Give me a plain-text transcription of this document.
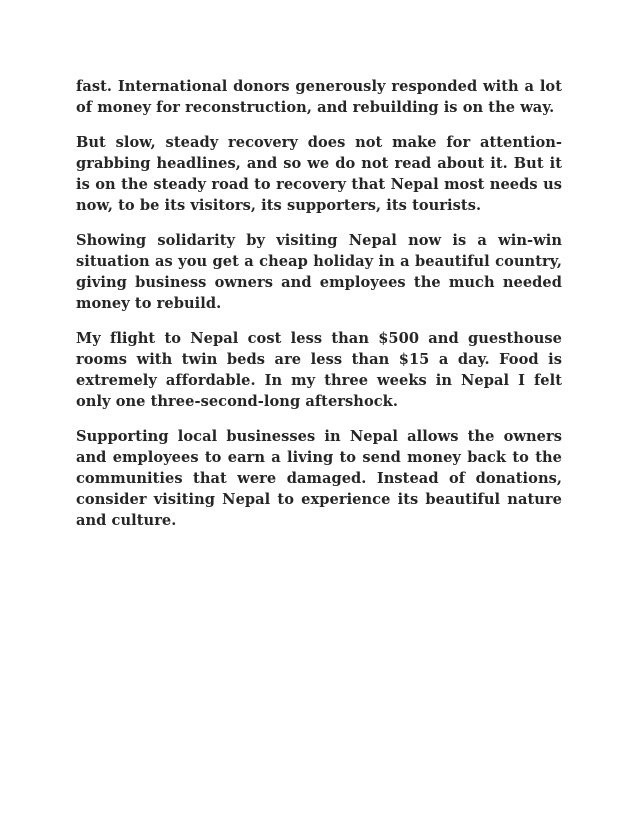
fast. International donors generously responded with a lot of money for reconstruction, and rebuilding is on the way.

But slow, steady recovery does not make for attention-grabbing headlines, and so we do not read about it. But it is on the steady road to recovery that Nepal most needs us now, to be its visitors, its supporters, its tourists.

Showing solidarity by visiting Nepal now is a win-win situation as you get a cheap holiday in a beautiful country, giving business owners and employees the much needed money to rebuild.

My flight to Nepal cost less than $500 and guesthouse rooms with twin beds are less than $15 a day. Food is extremely affordable. In my three weeks in Nepal I felt only one three-second-long aftershock.

Supporting local businesses in Nepal allows the owners and employees to earn a living to send money back to the communities that were damaged. Instead of donations, consider visiting Nepal to experience its beautiful nature and culture.
